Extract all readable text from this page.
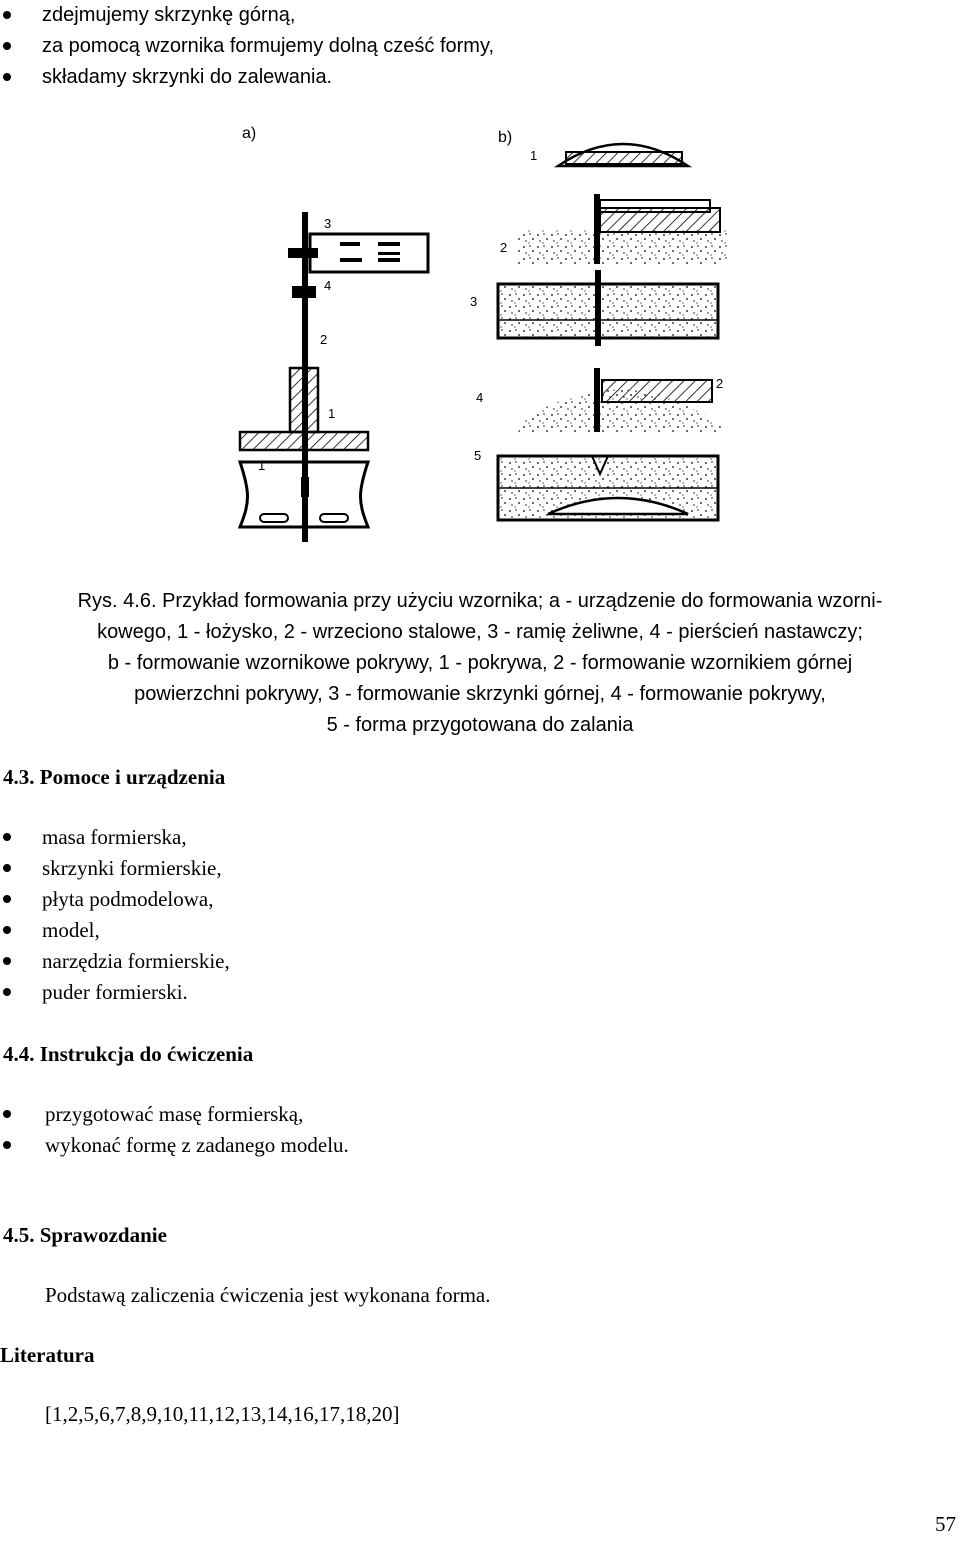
zdejmujemy skrzynkę górną,
za pomocą wzornika formujemy dolną cześć formy,
składamy skrzynki do zalewania.
a)
3
4
2
1
1
b)
1
2
3
4
2
5
Rys. 4.6. Przykład formowania przy użyciu wzornika; a - urządzenie do formowania wzorni-
kowego, 1 - łożysko, 2 - wrzeciono stalowe, 3 - ramię żeliwne, 4 - pierścień nastawczy;
b - formowanie wzornikowe pokrywy, 1 - pokrywa, 2 - formowanie wzornikiem górnej
powierzchni pokrywy, 3 - formowanie skrzynki górnej, 4 - formowanie pokrywy,
5 - forma przygotowana do zalania
4.3. Pomoce i urządzenia
masa formierska,
skrzynki formierskie,
płyta podmodelowa,
model,
narzędzia formierskie,
puder formierski.
4.4. Instrukcja do ćwiczenia
przygotować masę formierską,
wykonać formę z zadanego modelu.
4.5. Sprawozdanie
Podstawą zaliczenia ćwiczenia jest wykonana forma.
Literatura
[1,2,5,6,7,8,9,10,11,12,13,14,16,17,18,20]
57
